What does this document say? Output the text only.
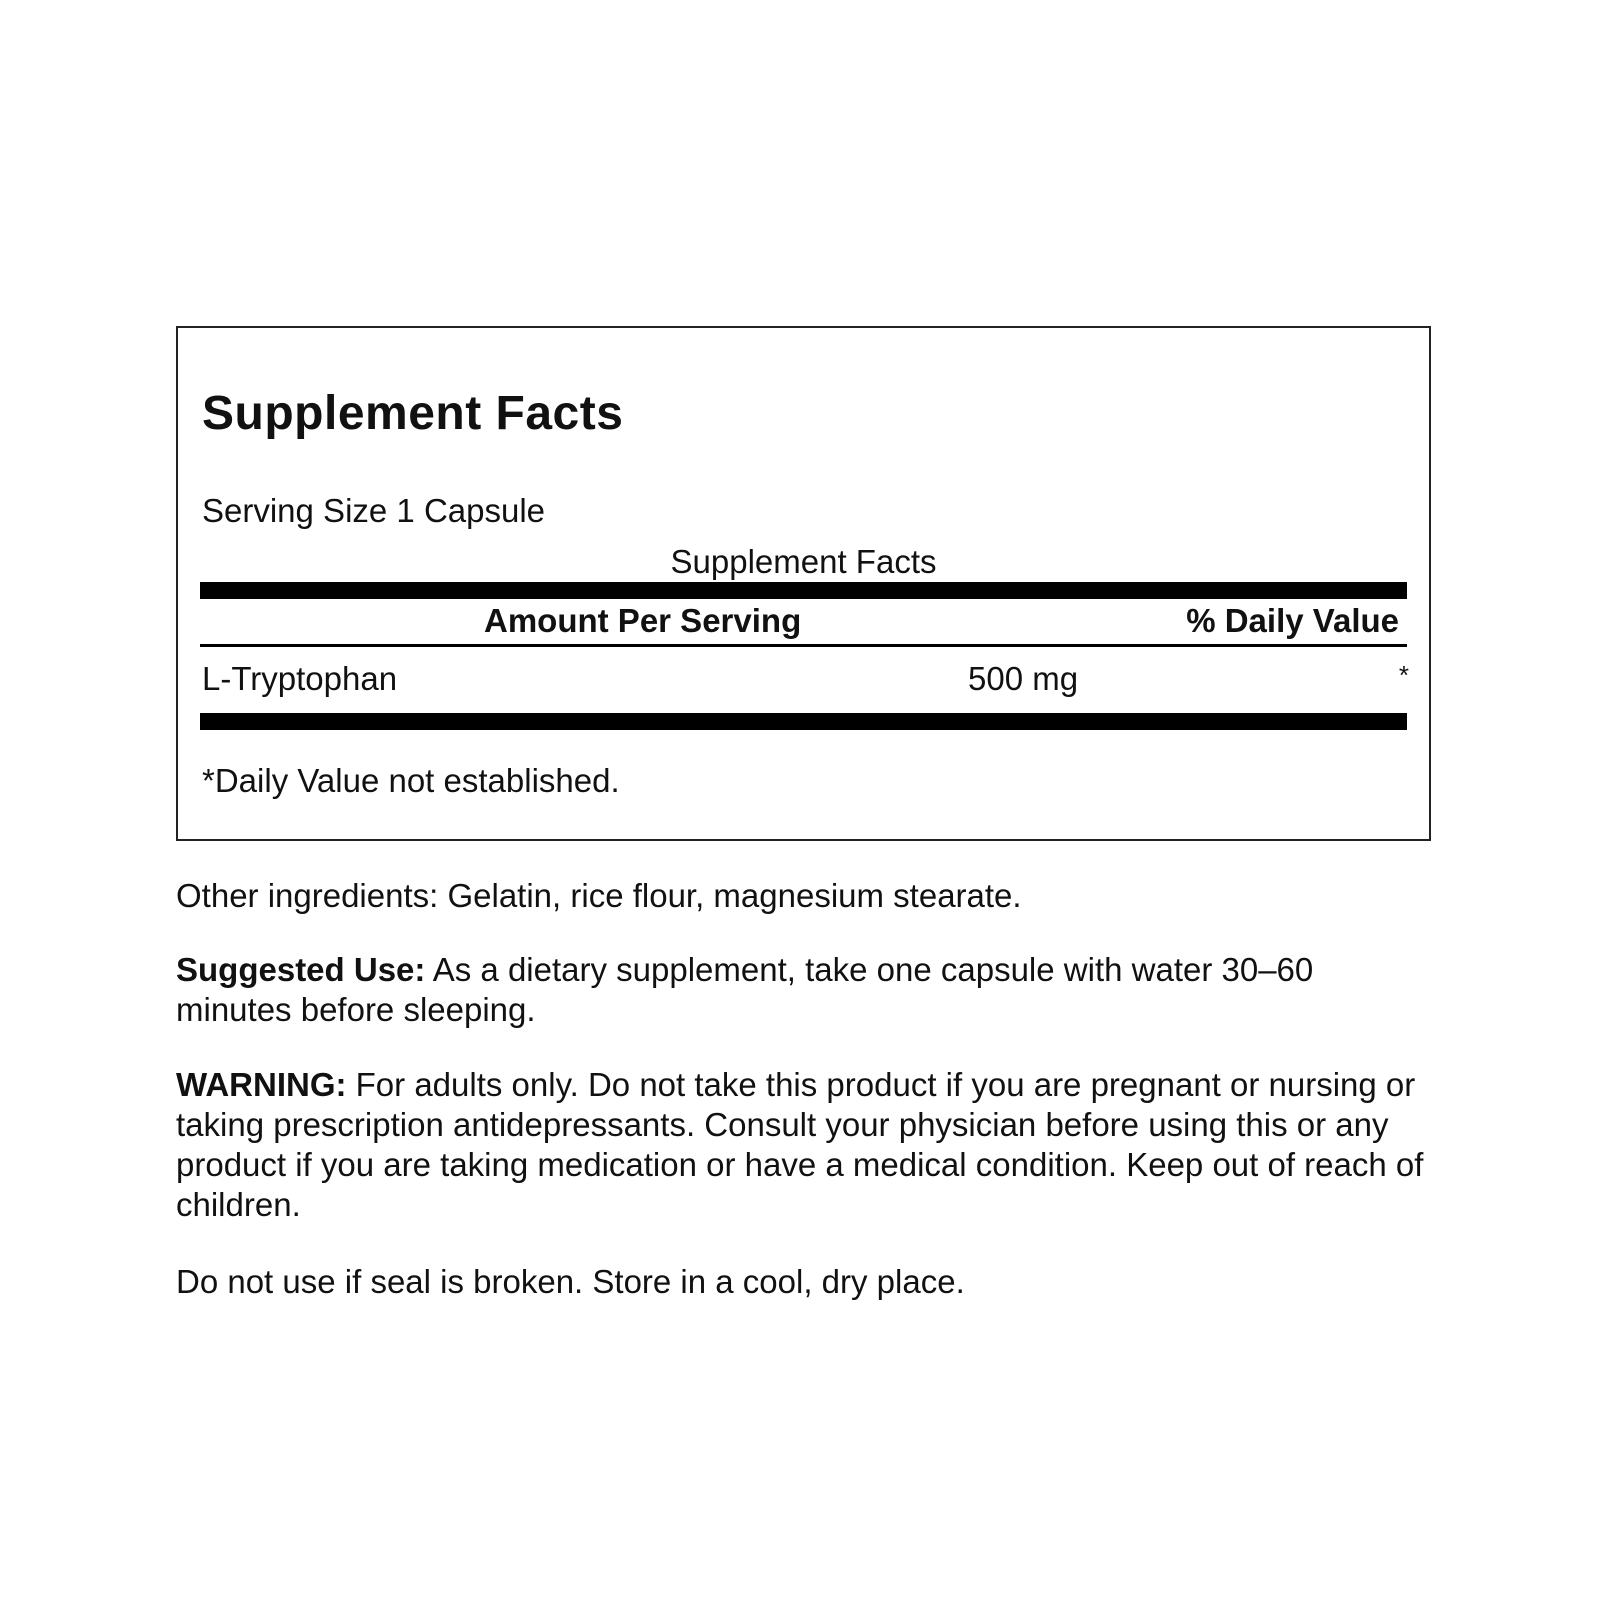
Supplement Facts
Serving Size 1 Capsule
Supplement Facts
Amount Per Serving	% Daily Value
L-Tryptophan	500 mg	*
*Daily Value not established.

Other ingredients: Gelatin, rice flour, magnesium stearate.

Suggested Use: As a dietary supplement, take one capsule with water 30–60 minutes before sleeping.

WARNING: For adults only. Do not take this product if you are pregnant or nursing or taking prescription antidepressants. Consult your physician before using this or any product if you are taking medication or have a medical condition. Keep out of reach of children.

Do not use if seal is broken. Store in a cool, dry place.
